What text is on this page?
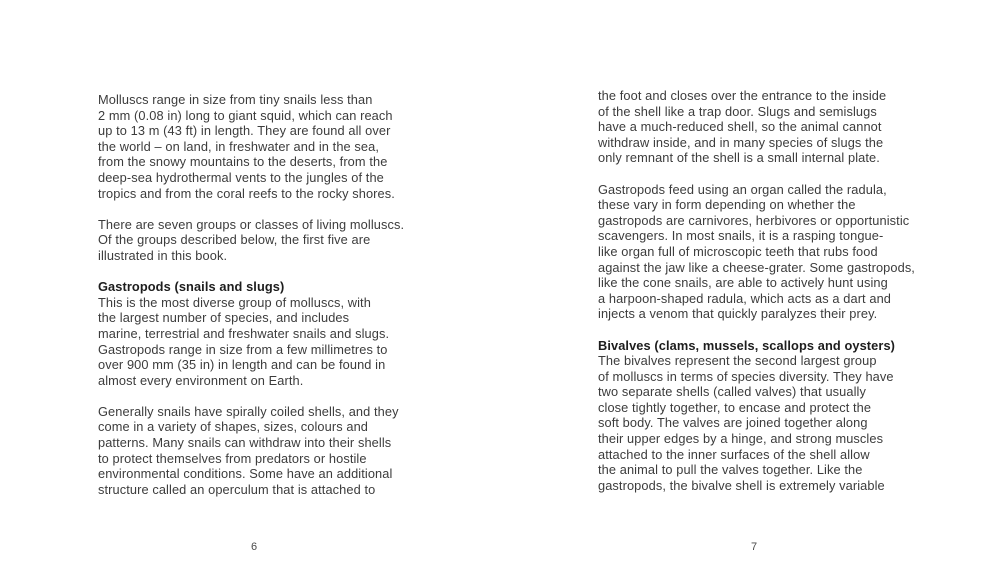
Molluscs range in size from tiny snails less than
2 mm (0.08 in) long to giant squid, which can reach
up to 13 m (43 ft) in length. They are found all over
the world – on land, in freshwater and in the sea,
from the snowy mountains to the deserts, from the
deep-sea hydrothermal vents to the jungles of the
tropics and from the coral reefs to the rocky shores.
There are seven groups or classes of living molluscs.
Of the groups described below, the first five are
illustrated in this book.
Gastropods (snails and slugs)
This is the most diverse group of molluscs, with
the largest number of species, and includes
marine, terrestrial and freshwater snails and slugs.
Gastropods range in size from a few millimetres to
over 900 mm (35 in) in length and can be found in
almost every environment on Earth.
Generally snails have spirally coiled shells, and they
come in a variety of shapes, sizes, colours and
patterns. Many snails can withdraw into their shells
to protect themselves from predators or hostile
environmental conditions. Some have an additional
structure called an operculum that is attached to
6
the foot and closes over the entrance to the inside
of the shell like a trap door. Slugs and semislugs
have a much-reduced shell, so the animal cannot
withdraw inside, and in many species of slugs the
only remnant of the shell is a small internal plate.
Gastropods feed using an organ called the radula,
these vary in form depending on whether the
gastropods are carnivores, herbivores or opportunistic
scavengers. In most snails, it is a rasping tongue-
like organ full of microscopic teeth that rubs food
against the jaw like a cheese-grater. Some gastropods,
like the cone snails, are able to actively hunt using
a harpoon-shaped radula, which acts as a dart and
injects a venom that quickly paralyzes their prey.
Bivalves (clams, mussels, scallops and oysters)
The bivalves represent the second largest group
of molluscs in terms of species diversity. They have
two separate shells (called valves) that usually
close tightly together, to encase and protect the
soft body. The valves are joined together along
their upper edges by a hinge, and strong muscles
attached to the inner surfaces of the shell allow
the animal to pull the valves together. Like the
gastropods, the bivalve shell is extremely variable
7
